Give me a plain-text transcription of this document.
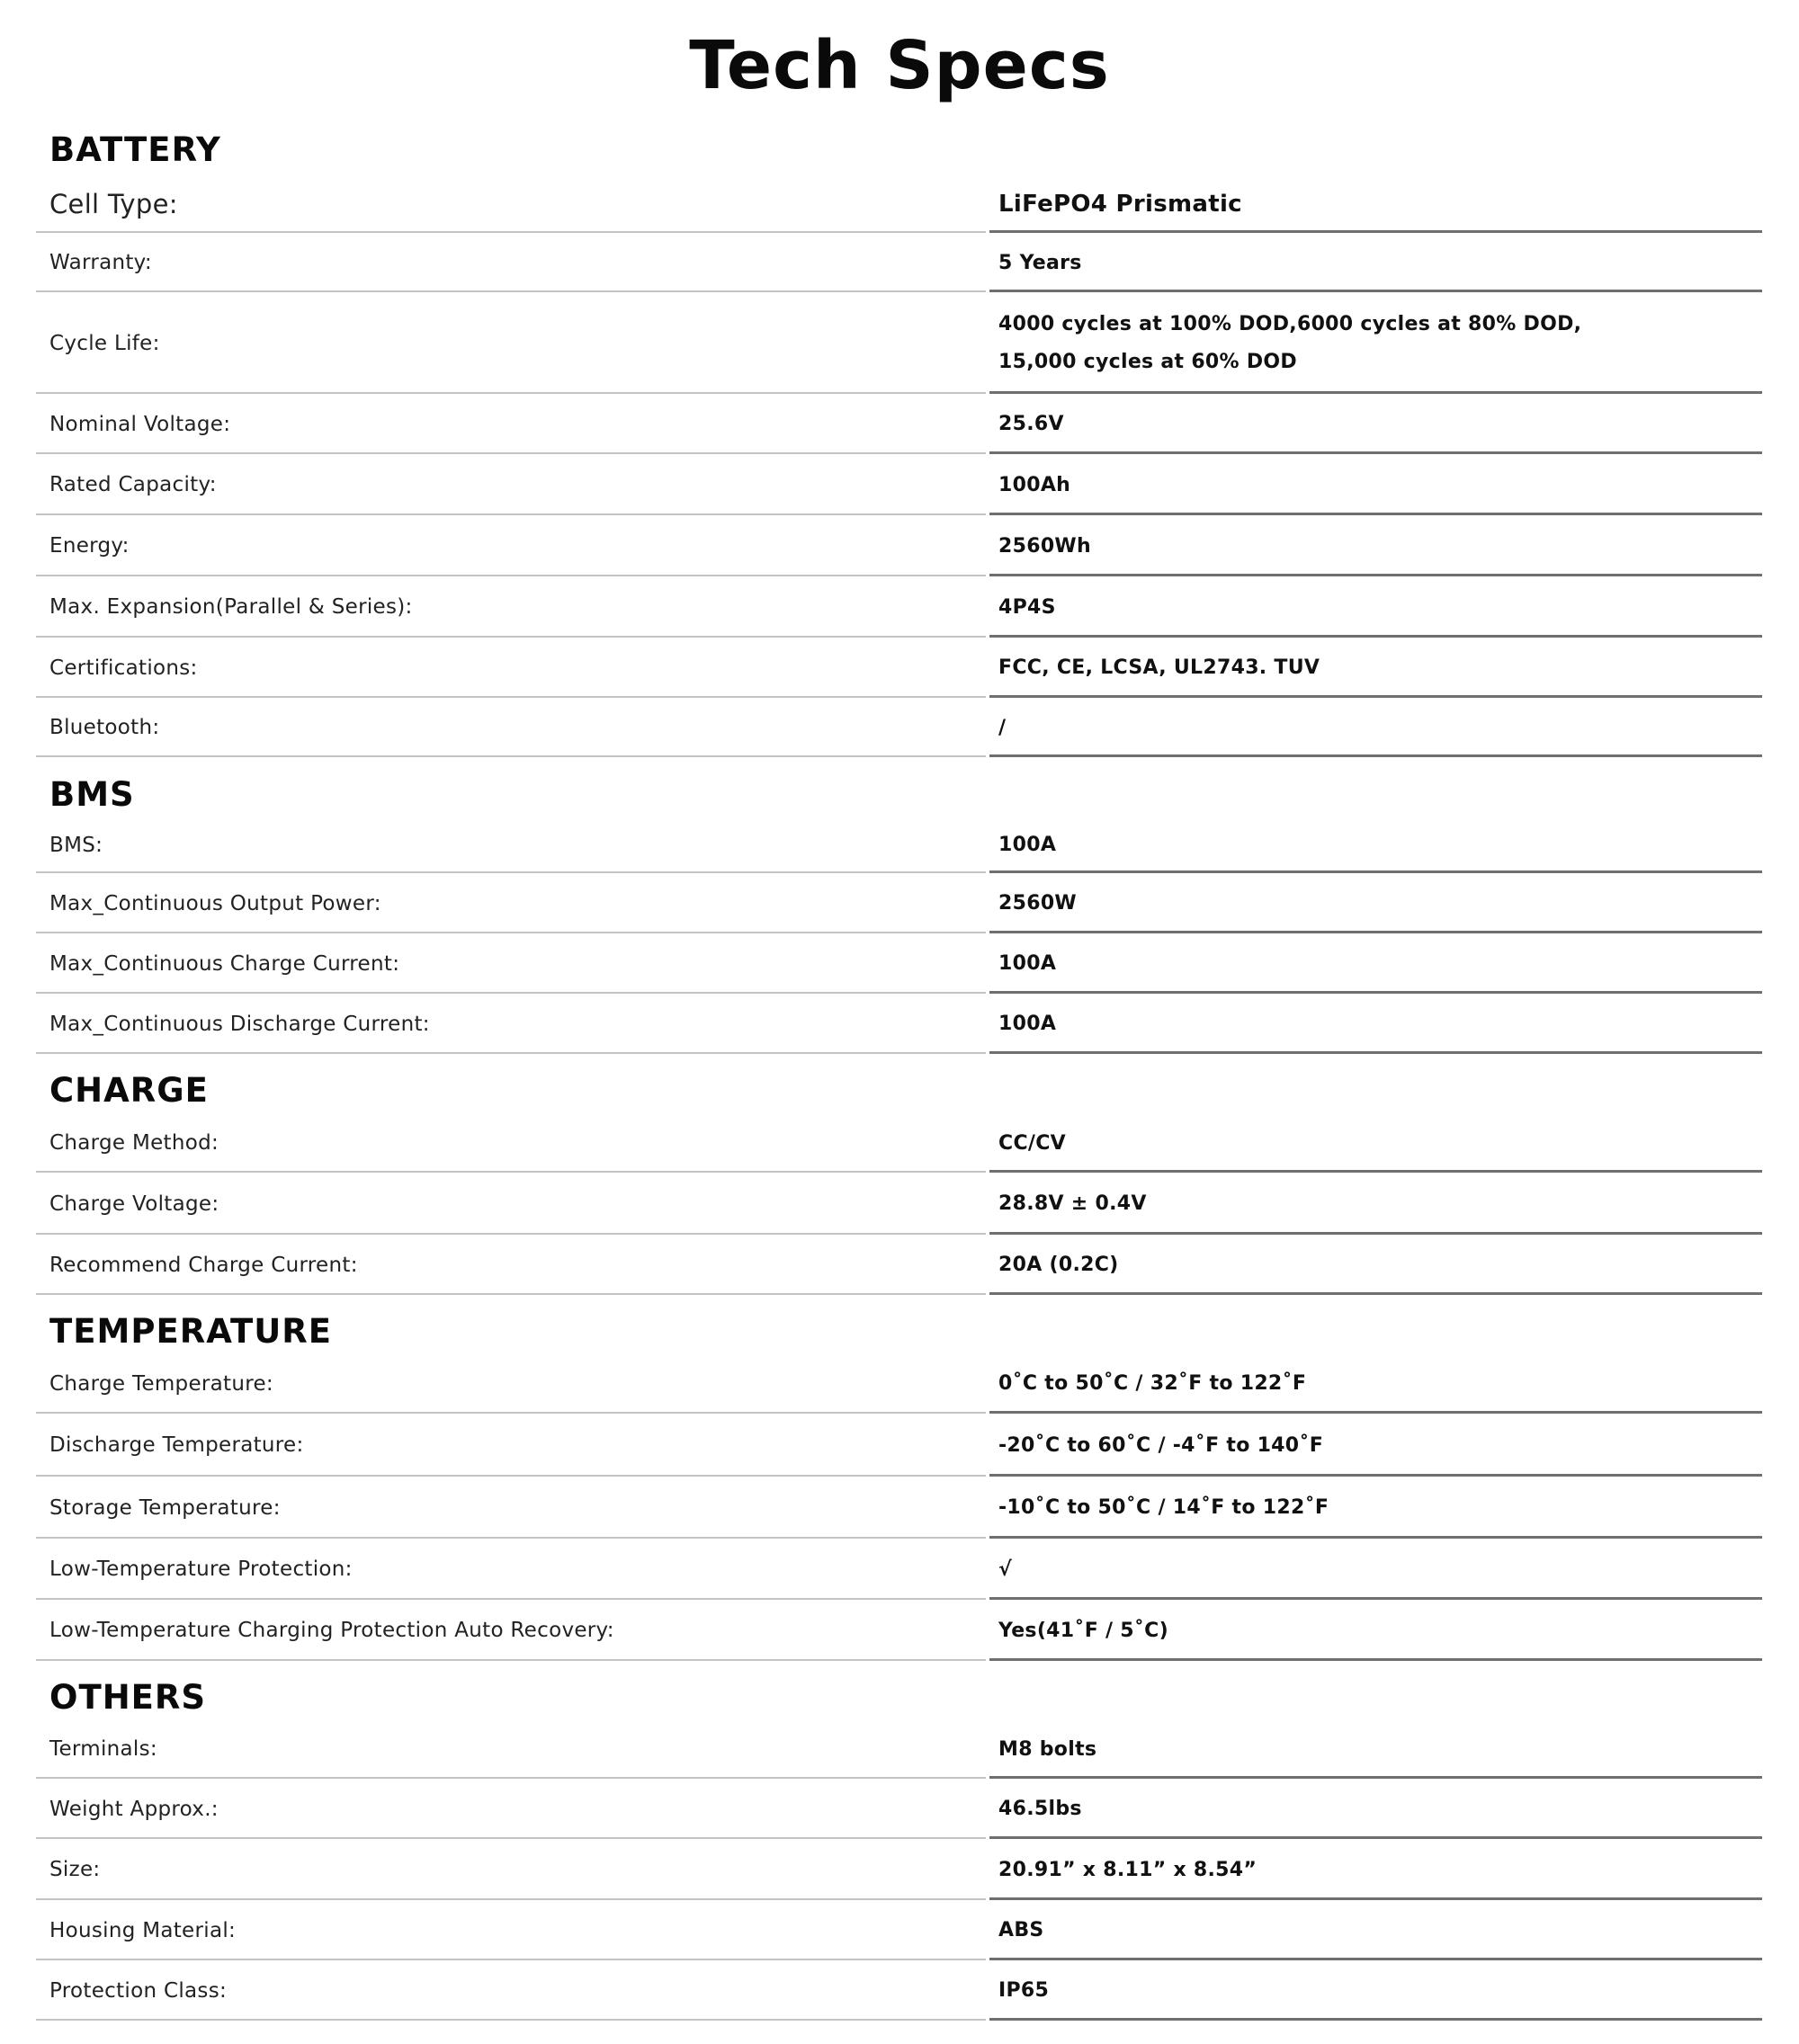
Tech Specs
BATTERY
Cell Type:	LiFePO4 Prismatic
Warranty:	5 Years
Cycle Life:
4000 cycles at 100% DOD,6000 cycles at 80% DOD,
15,000 cycles at 60% DOD
Nominal Voltage:	25.6V
Rated Capacity:	100Ah
Energy:	2560Wh
Max. Expansion(Parallel & Series):	4P4S
Certifications:	FCC, CE, LCSA, UL2743. TUV
Bluetooth:	/
BMS
BMS:	100A
Max_Continuous Output Power:	2560W
Max_Continuous Charge Current:	100A
Max_Continuous Discharge Current:	100A
CHARGE
Charge Method:	CC/CV
Charge Voltage:	28.8V ± 0.4V
Recommend Charge Current:	20A (0.2C)
TEMPERATURE
Charge Temperature:	0˚C to 50˚C / 32˚F to 122˚F
Discharge Temperature:	-20˚C to 60˚C / -4˚F to 140˚F
Storage Temperature:	-10˚C to 50˚C / 14˚F to 122˚F
Low-Temperature Protection:	√
Low-Temperature Charging Protection Auto Recovery:	Yes(41˚F / 5˚C)
OTHERS
Terminals:	M8 bolts
Weight Approx.:	46.5lbs
Size:	20.91” x 8.11” x 8.54”
Housing Material:	ABS
Protection Class:	IP65
